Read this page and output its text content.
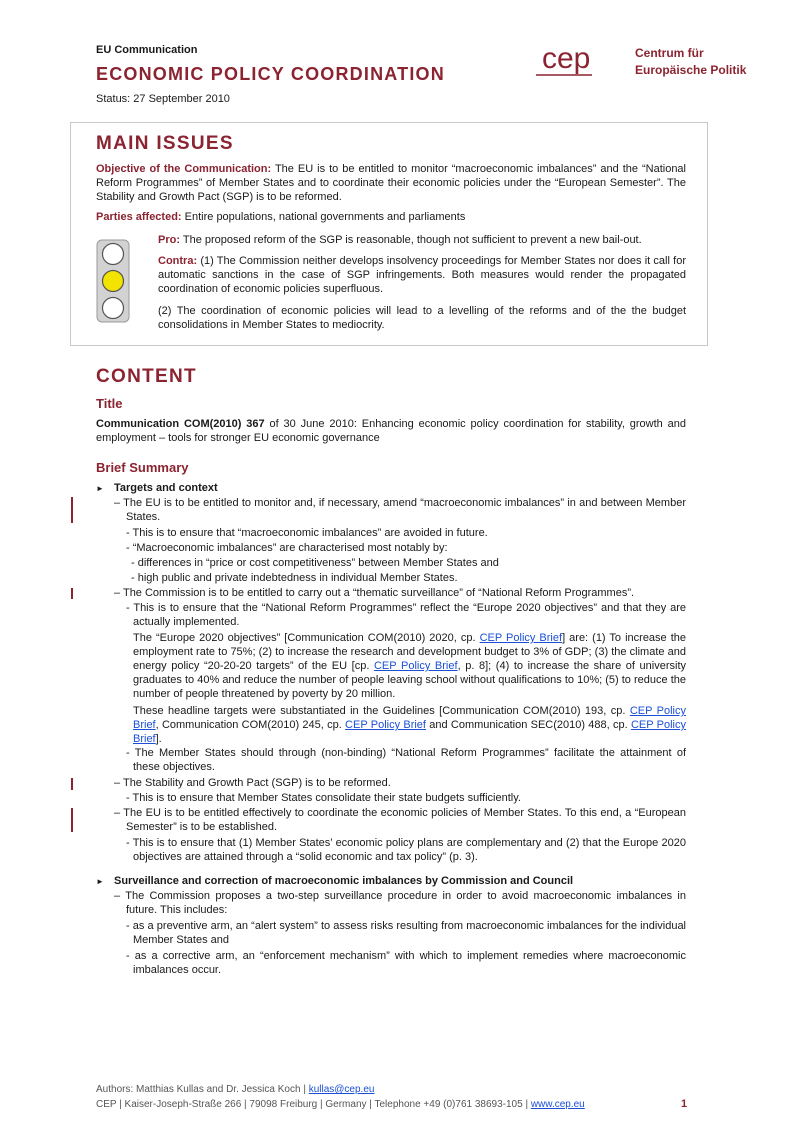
EU Communication
ECONOMIC POLICY COORDINATION
Status: 27 September 2010
cep	Centrum für
Europäische Politik
MAIN ISSUES
Objective of the Communication: The EU is to be entitled to monitor “macroeconomic imbalances” and the “National Reform Programmes” of Member States and to coordinate their economic policies under the “European Semester”. The Stability and Growth Pact (SGP) is to be reformed.
Parties affected: Entire populations, national governments and parliaments
Pro: The proposed reform of the SGP is reasonable, though not sufficient to prevent a new bail-out.
Contra: (1) The Commission neither develops insolvency proceedings for Member States nor does it call for automatic sanctions in the case of SGP infringements. Both measures would render the propagated coordination of economic policies superfluous.
(2) The coordination of economic policies will lead to a levelling of the reforms and of the the budget consolidations in Member States to mediocrity.
CONTENT
Title
Communication COM(2010) 367 of 30 June 2010: Enhancing economic policy coordination for stability, growth and employment – tools for stronger EU economic governance
Brief Summary
► Targets and context
– The EU is to be entitled to monitor and, if necessary, amend “macroeconomic imbalances” in and between Member States.
- This is to ensure that “macroeconomic imbalances” are avoided in future.
- “Macroeconomic imbalances” are characterised most notably by:
- differences in “price or cost competitiveness” between Member States and
- high public and private indebtedness in individual Member States.
– The Commission is to be entitled to carry out a “thematic surveillance” of “National Reform Programmes”.
- This is to ensure that the “National Reform Programmes” reflect the “Europe 2020 objectives” and that they are actually implemented.
The “Europe 2020 objectives” [Communication COM(2010) 2020, cp. CEP Policy Brief] are: (1) To increase the employment rate to 75%; (2) to increase the research and development budget to 3% of GDP; (3) the climate and energy policy “20-20-20 targets” of the EU [cp. CEP Policy Brief, p. 8]; (4) to increase the share of university graduates to 40% and reduce the number of people leaving school without qualifications to 10%; (5) to reduce the number of people threatened by poverty by 20 million.
These headline targets were substantiated in the Guidelines [Communication COM(2010) 193, cp. CEP Policy Brief, Communication COM(2010) 245, cp. CEP Policy Brief and Communication SEC(2010) 488, cp. CEP Policy Brief].
- The Member States should through (non-binding) “National Reform Programmes” facilitate the attainment of these objectives.
– The Stability and Growth Pact (SGP) is to be reformed.
- This is to ensure that Member States consolidate their state budgets sufficiently.
– The EU is to be entitled effectively to coordinate the economic policies of Member States. To this end, a “European Semester” is to be established.
- This is to ensure that (1) Member States’ economic policy plans are complementary and (2) that the Europe 2020 objectives are attained through a “solid economic and tax policy” (p. 3).
► Surveillance and correction of macroeconomic imbalances by Commission and Council
– The Commission proposes a two-step surveillance procedure in order to avoid macroeconomic imbalances in future. This includes:
- as a preventive arm, an “alert system” to assess risks resulting from macroeconomic imbalances for the individual Member States and
- as a corrective arm, an “enforcement mechanism” with which to implement remedies where macroeconomic imbalances occur.
Authors: Matthias Kullas and Dr. Jessica Koch | kullas@cep.eu
CEP | Kaiser-Joseph-Straße 266 | 79098 Freiburg | Germany | Telephone +49 (0)761 38693-105 | www.cep.eu	1
